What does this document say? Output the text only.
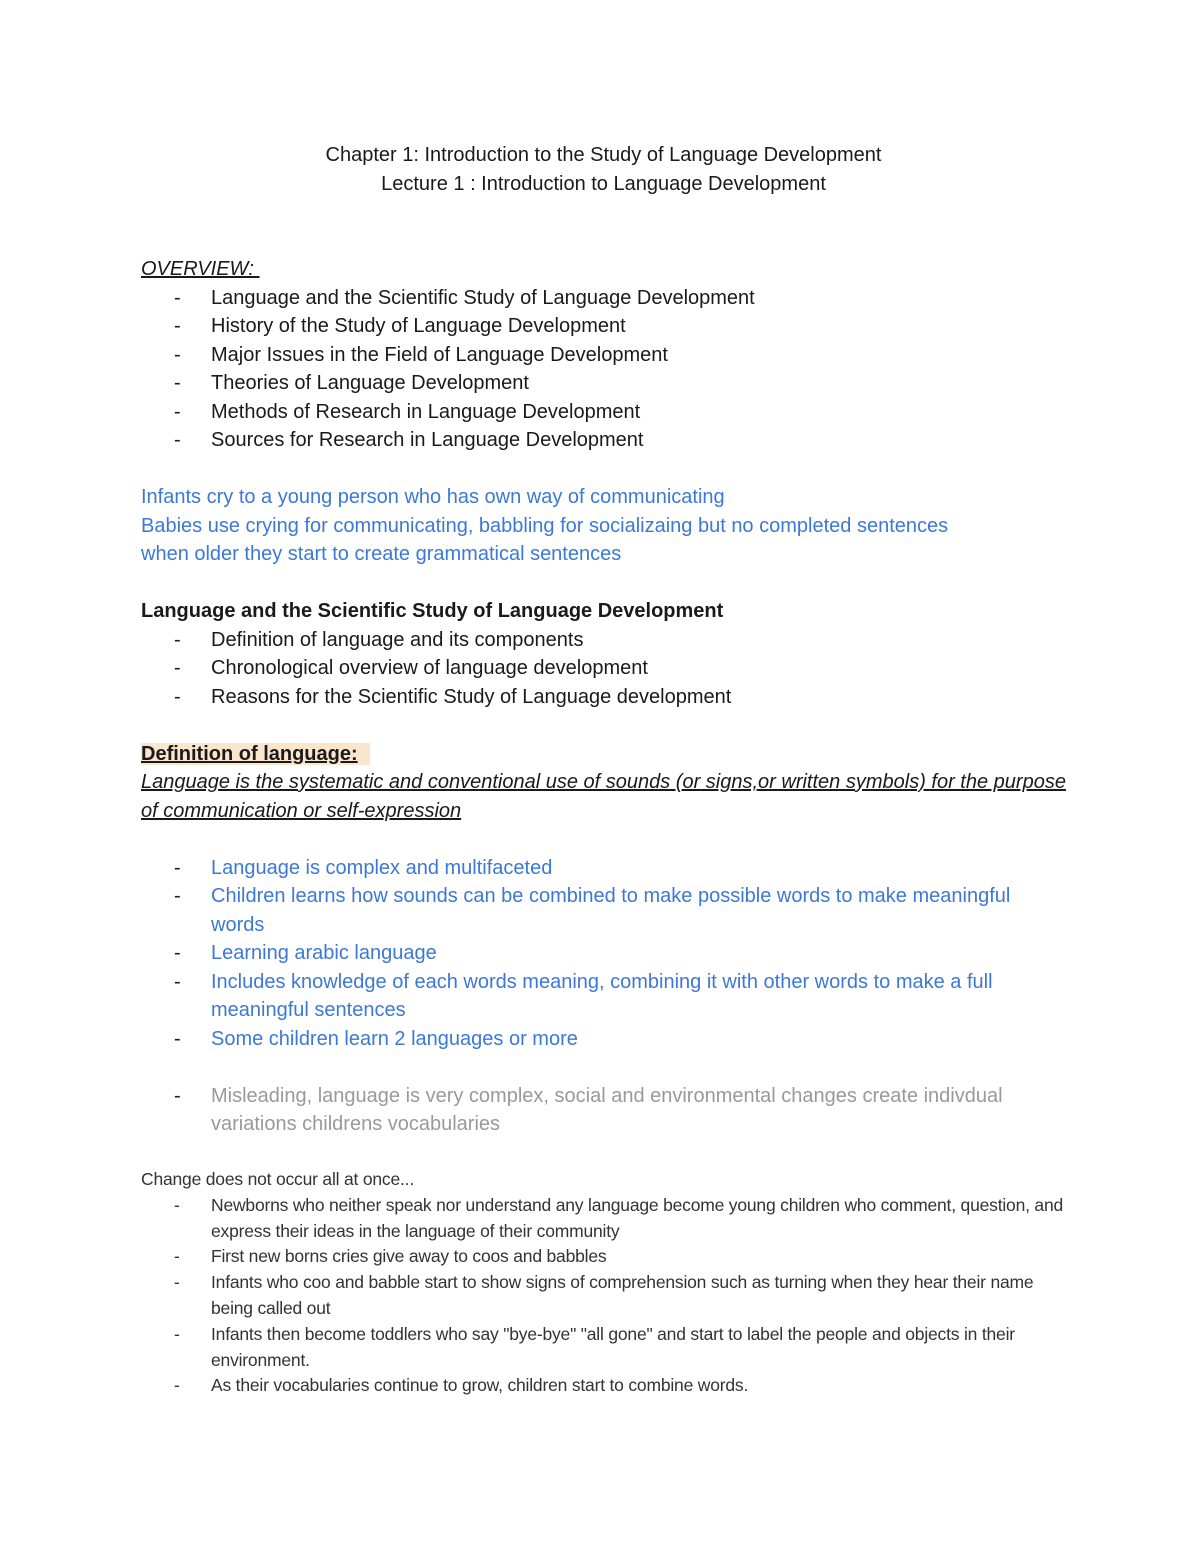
Chapter 1: Introduction to the Study of Language Development

Lecture 1 : Introduction to Language Development

OVERVIEW:

- Language and the Scientific Study of Language Development
- History of the Study of Language Development
- Major Issues in the Field of Language Development
- Theories of Language Development
- Methods of Research in Language Development
- Sources for Research in Language Development

Infants cry to a young person who has own way of communicating

Babies use crying for communicating, babbling for socializaing but no completed sentences

when older they start to create grammatical sentences

Language and the Scientific Study of Language Development

- Definition of language and its components
- Chronological overview of language development
- Reasons for the Scientific Study of Language development

Definition of language:

Language is the systematic and conventional use of sounds (or signs,or written symbols) for the purpose of communication or self-expression

- Language is complex and multifaceted
- Children learns how sounds can be combined to make possible words to make meaningful words
- Learning arabic language
- Includes knowledge of each words meaning, combining it with other words to make a full meaningful sentences
- Some children learn 2 languages or more
- Misleading, language is very complex, social and environmental changes create indivdual variations childrens vocabularies

Change does not occur all at once...

- Newborns who neither speak nor understand any language become young children who comment, question, and express their ideas in the language of their community
- First new borns cries give away to coos and babbles
- Infants who coo and babble start to show signs of comprehension such as turning when they hear their name being called out
- Infants then become toddlers who say "bye-bye" "all gone" and start to label the people and objects in their environment.
- As their vocabularies continue to grow, children start to combine words.
